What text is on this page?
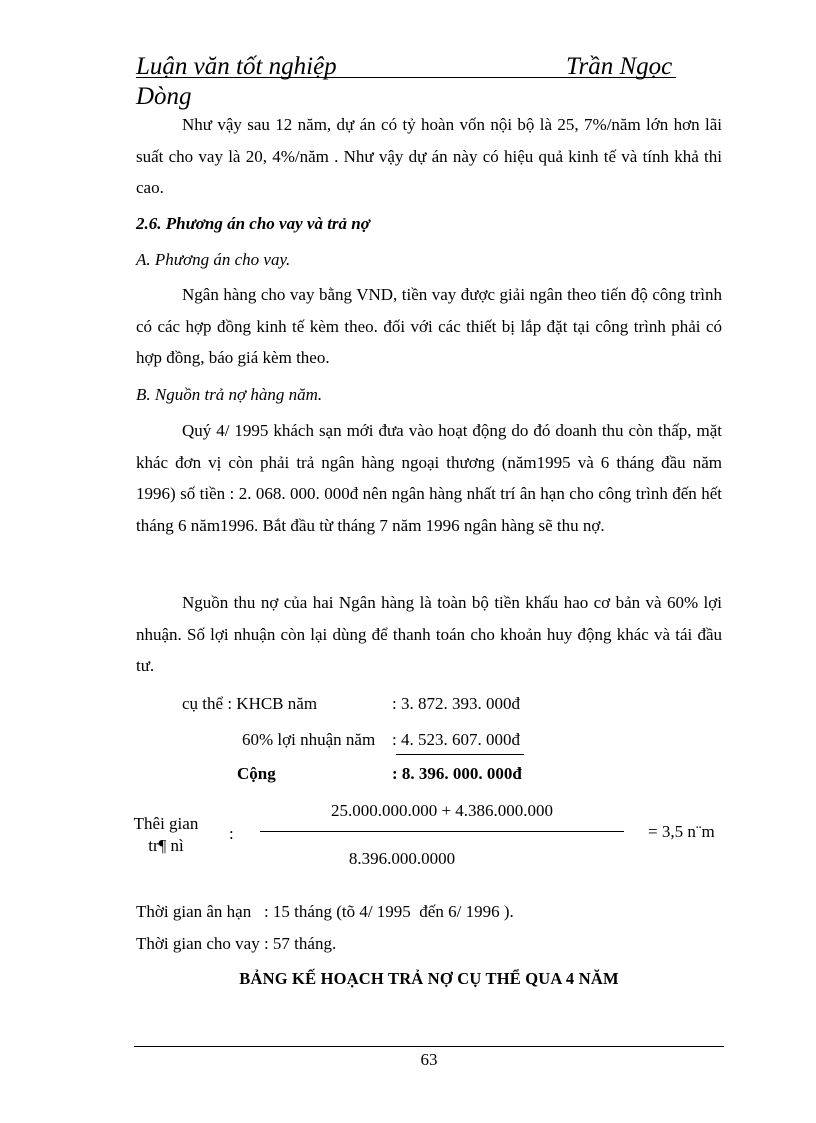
Luận văn tốt nghiệp	Trần Ngọc
Dòng
Như vậy sau 12 năm, dự án có tỷ hoàn vốn nội bộ là 25, 7%/năm lớn hơn lãi suất cho vay là 20, 4%/năm . Như vậy dự án này có hiệu quả kinh tế và tính khả thi cao.
2.6. Phương án cho vay và trả nợ
A. Phương án cho vay.
Ngân hàng cho vay bằng VND, tiền vay được giải ngân theo tiến độ công trình có các hợp đồng kinh tế kèm theo. đối với các thiết bị lắp đặt tại công trình phải có hợp đồng, báo giá kèm theo.
B. Nguồn trả nợ hàng năm.
Quý 4/ 1995 khách sạn mới đưa vào hoạt động do đó doanh thu còn thấp, mặt khác đơn vị còn phải trả ngân hàng ngoại thương (năm1995 và 6 tháng đầu năm 1996) số tiền : 2. 068. 000. 000đ nên ngân hàng nhất trí ân hạn cho công trình đến hết tháng 6 năm1996. Bắt đầu từ tháng 7 năm 1996 ngân hàng sẽ thu nợ.
Nguồn thu nợ của hai Ngân hàng là toàn bộ tiền khấu hao cơ bản và 60% lợi nhuận. Số lợi nhuận còn lại dùng để thanh toán cho khoản huy động khác và tái đầu tư.
cụ thể : KHCB năm	: 3. 872. 393. 000đ
60% lợi nhuận năm : 4. 523. 607. 000đ
Cộng	: 8. 396. 000. 000đ
Thêi gian
tr¶ nì
:
25.000.000.000 + 4.386.000.000
8.396.000.0000
= 3,5 n¨m
Thời gian ân hạn   : 15 tháng (tõ 4/ 1995  đến 6/ 1996 ).
Thời gian cho vay : 57 tháng.
BẢNG KẾ HOẠCH TRẢ NỢ CỤ THỂ QUA 4 NĂM
63
